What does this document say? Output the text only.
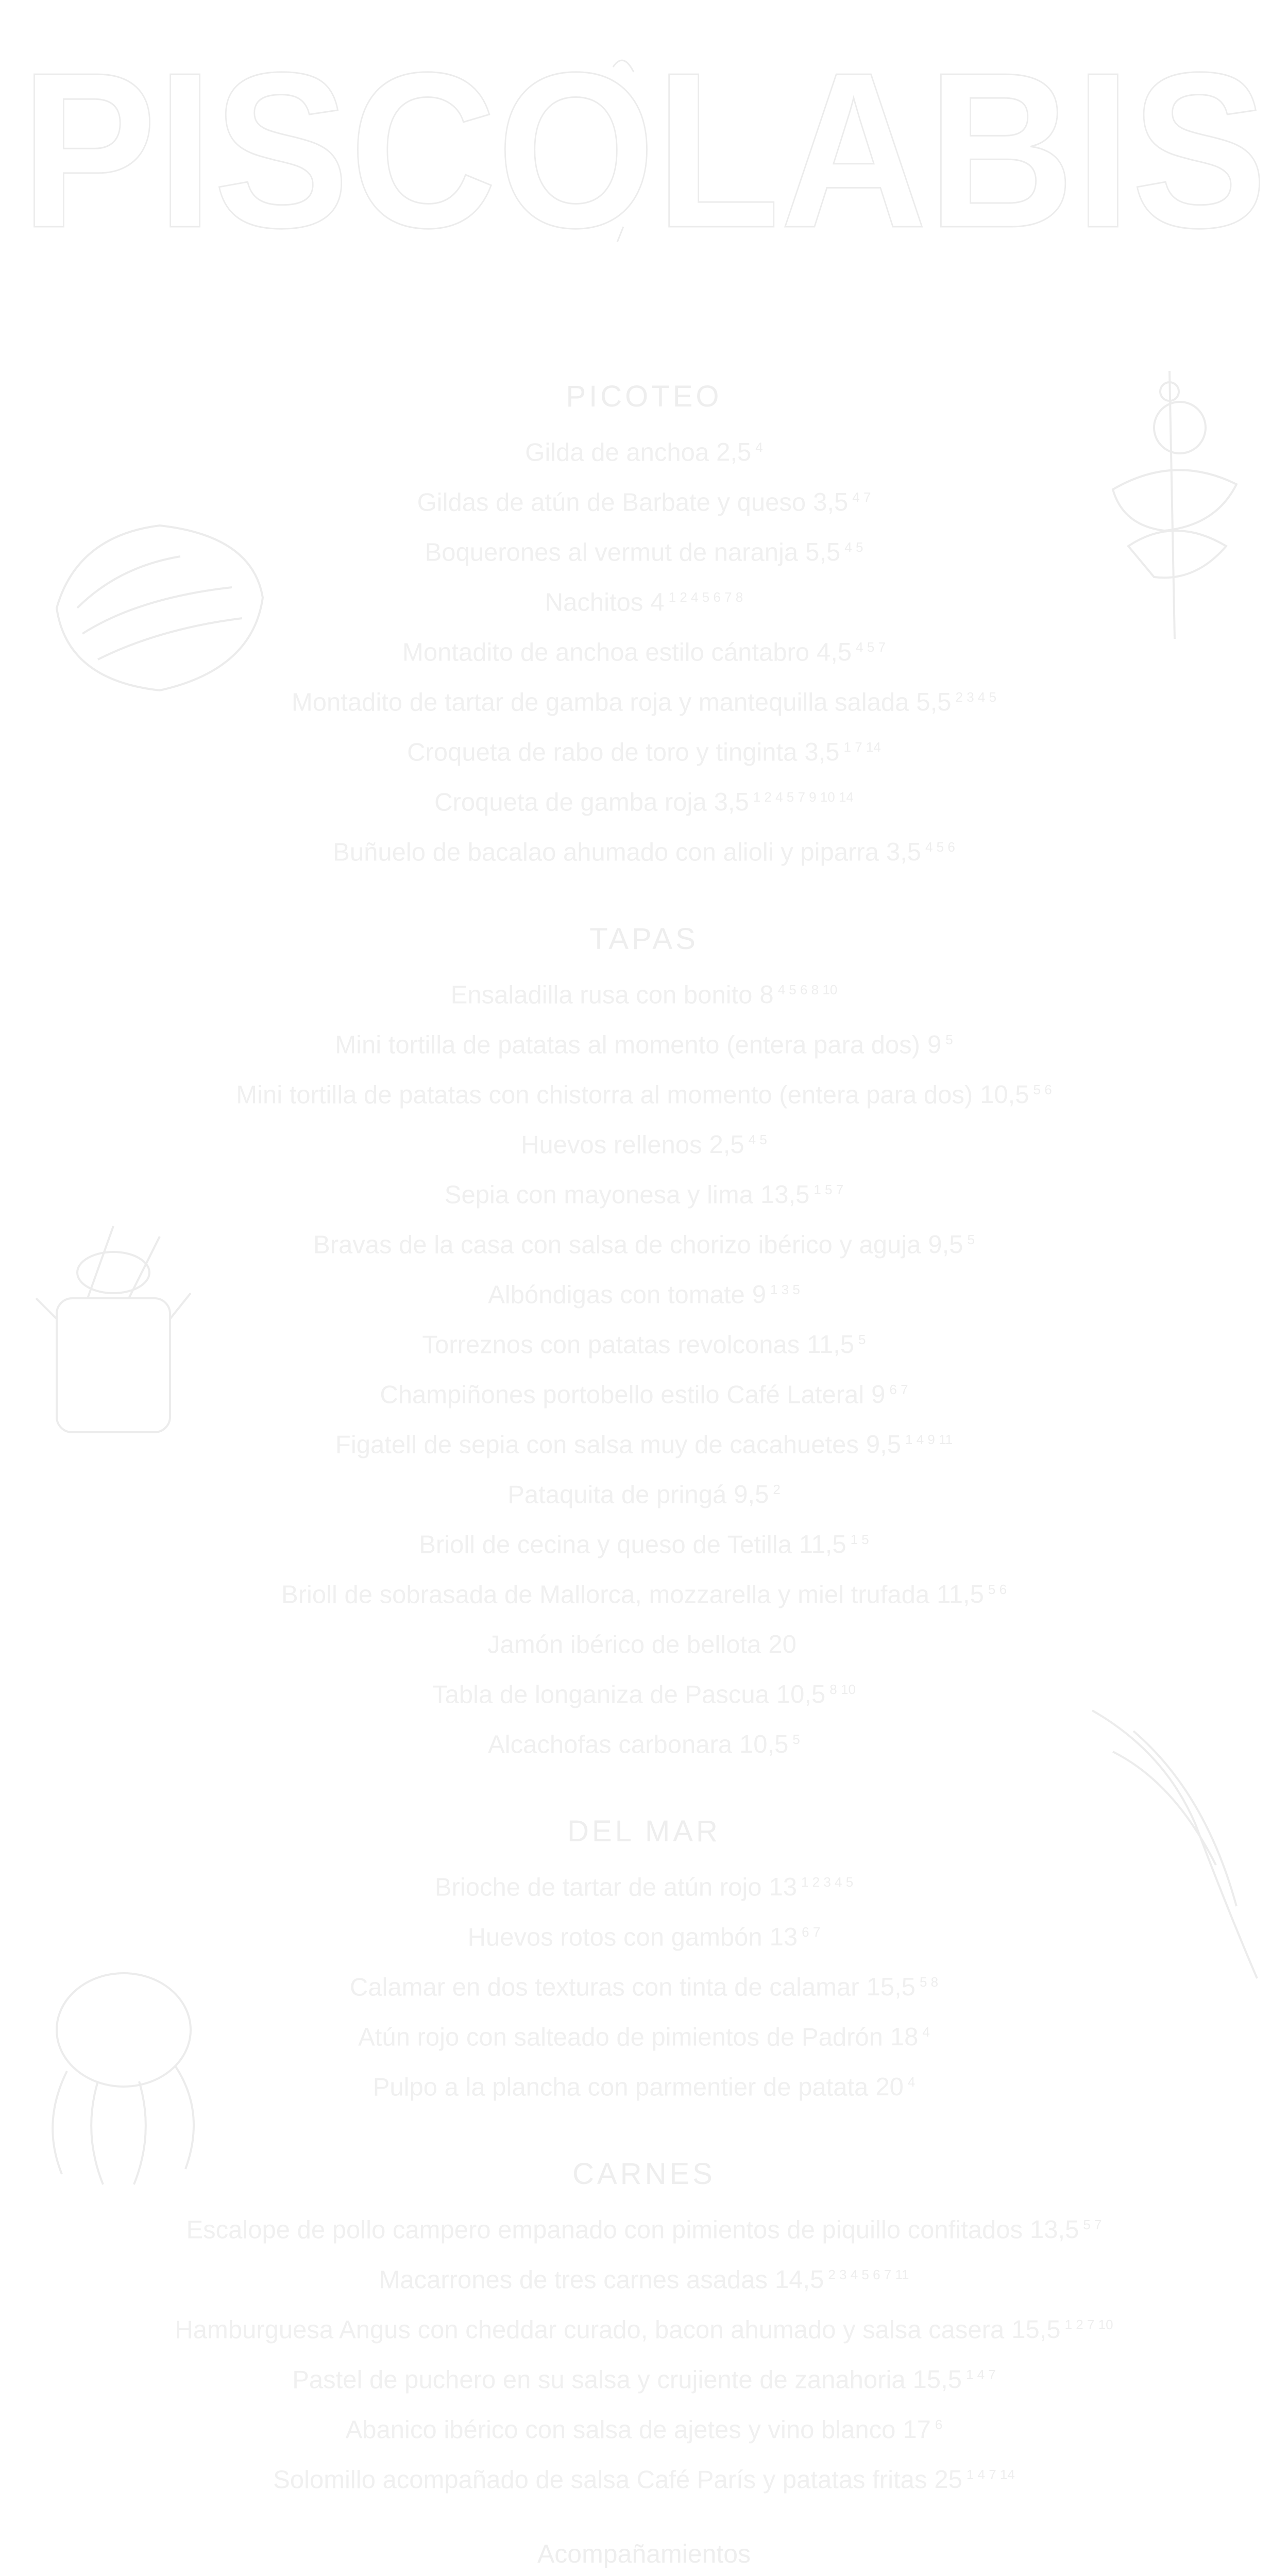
PISCOLABIS
PICOTEO
Gilda de anchoa 2,5 $^4$
Gildas de atún de Barbate y queso 3,5 $^{4 7}$
Boquerones al vermut de naranja 5,5 $^{4 5}$
Nachitos 4 $^{1 2 4 5 6 7 8}$
Montadito de anchoa estilo cántabro 4,5 $^{4 5 7}$
Montadito de tartar de gamba roja y mantequilla salada 5,5 $^{2 3 4 5}$
Croqueta de rabo de toro y tinginta 3,5 $^{1 7 14}$
Croqueta de gamba roja 3,5 $^{1 2 4 5 7 9 10 14}$
Buñuelo de bacalao ahumado con alioli y piparra 3,5 $^{4 5 6}$
TAPAS
Ensaladilla rusa con bonito 8 $^{4 5 6 8 10}$
Mini tortilla de patatas al momento (entera para dos) 9 $^5$
Mini tortilla de patatas con chistorra al momento (entera para dos) 10,5 $^{5 6}$
Huevos rellenos 2,5 $^{4 5}$
Sepia con mayonesa y lima 13,5 $^{1 5 7}$
Bravas de la casa con salsa de chorizo ibérico y aguja 9,5 $^5$
Albóndigas con tomate 9 $^{1 3 5}$
Torreznos con patatas revolconas 11,5 $^5$
Champiñones portobello estilo Café Lateral 9 $^{6 7}$
Figatell de sepia con salsa muy de cacahuetes 9,5 $^{1 4 9 11}$
Pataquita de pringá 9,5 $^2$
Brioll de cecina y queso de Tetilla 11,5 $^{1 5}$
Brioll de sobrasada de Mallorca, mozzarella y miel trufada 11,5 $^{5 6}$
Jamón ibérico de bellota 20
Tabla de longaniza de Pascua 10,5 $^{8 10}$
Alcachofas carbonara 10,5 $^5$
DEL MAR
Brioche de tartar de atún rojo 13 $^{1 2 3 4 5}$
Huevos rotos con gambón 13 $^{6 7}$
Calamar en dos texturas con tinta de calamar 15,5 $^{5 8}$
Atún rojo con salteado de pimientos de Padrón 18 $^4$
Pulpo a la plancha con parmentier de patata 20 $^4$
CARNES
Escalope de pollo campero empanado con pimientos de piquillo confitados 13,5 $^{5 7}$
Macarrones de tres carnes asadas 14,5 $^{2 3 4 5 6 7 11}$
Hamburguesa Angus con cheddar curado, bacon ahumado y salsa casera 15,5 $^{1 2 7 10}$
Pastel de puchero en su salsa y crujiente de zanahoria 15,5 $^{1 4 7}$
Abanico ibérico con salsa de ajetes y vino blanco 17 $^6$
Solomillo acompañado de salsa Café París y patatas fritas 25 $^{1 4 7 14}$
Acompañamientos
